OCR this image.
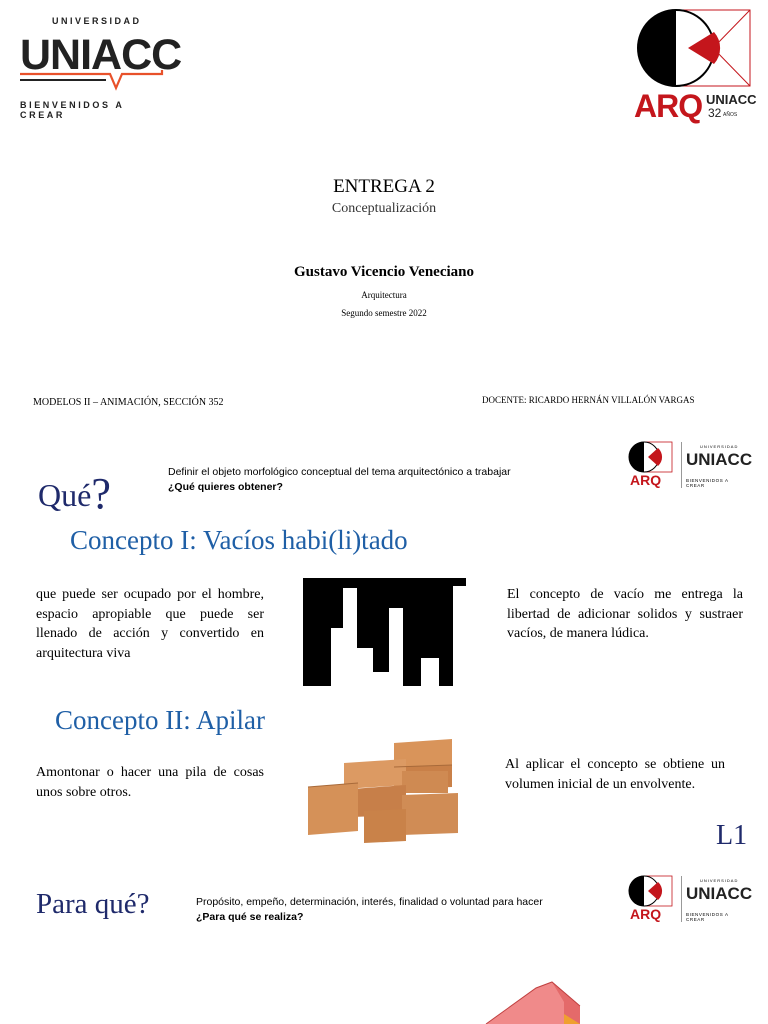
UNIVERSIDAD
UNIACC
BIENVENIDOS A CREAR	ARQ UNIACC
32 AÑOS
ENTREGA 2
Conceptualización
Gustavo Vicencio Veneciano
Arquitectura
Segundo semestre 2022
MODELOS II – ANIMACIÓN, SECCIÓN 352	DOCENTE: RICARDO HERNÁN VILLALÓN VARGAS
Qué?	Definir el objeto morfológico conceptual del tema arquitectónico a trabajar
¿Qué quieres obtener?	ARQ
UNIVERSIDAD
UNIACC
BIENVENIDOS A CREAR
Concepto I: Vacíos habi(li)tado
que puede ser ocupado por el hombre, espacio apropiable que puede ser llenado de acción y convertido en arquitectura viva
El concepto de vacío me entrega la libertad de adicionar solidos y sustraer vacíos, de manera lúdica.
Concepto II: Apilar
Amontonar o hacer una pila de cosas unos sobre otros.
Al aplicar el concepto se obtiene un volumen inicial de un envolvente.
L1
Para qué?	Propósito, empeño, determinación, interés, finalidad o voluntad para hacer
¿Para qué se realiza?	ARQ
UNIVERSIDAD
UNIACC
BIENVENIDOS A CREAR
